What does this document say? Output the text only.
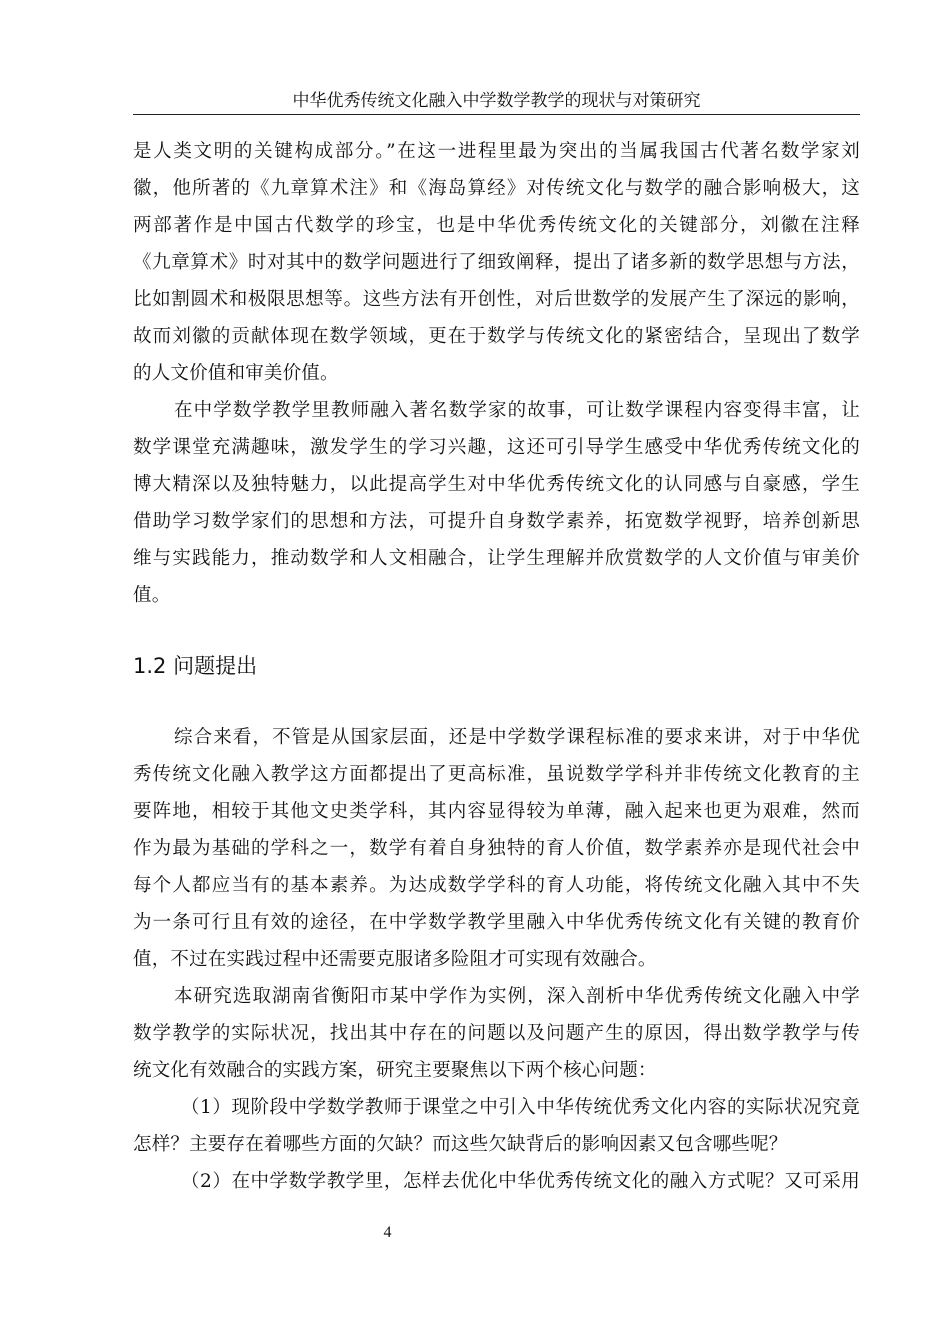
中华优秀传统文化融入中学数学教学的现状与对策研究
是人类文明的关键构成部分。”在这一进程里最为突出的当属我国古代著名数学家刘
徽，他所著的《九章算术注》和《海岛算经》对传统文化与数学的融合影响极大，这
两部著作是中国古代数学的珍宝，也是中华优秀传统文化的关键部分，刘徽在注释
《九章算术》时对其中的数学问题进行了细致阐释，提出了诸多新的数学思想与方法，
比如割圆术和极限思想等。这些方法有开创性，对后世数学的发展产生了深远的影响，
故而刘徽的贡献体现在数学领域，更在于数学与传统文化的紧密结合，呈现出了数学
的人文价值和审美价值。
在中学数学教学里教师融入著名数学家的故事，可让数学课程内容变得丰富，让
数学课堂充满趣味，激发学生的学习兴趣，这还可引导学生感受中华优秀传统文化的
博大精深以及独特魅力，以此提高学生对中华优秀传统文化的认同感与自豪感，学生
借助学习数学家们的思想和方法，可提升自身数学素养，拓宽数学视野，培养创新思
维与实践能力，推动数学和人文相融合，让学生理解并欣赏数学的人文价值与审美价
值。
1.2 问题提出
综合来看，不管是从国家层面，还是中学数学课程标准的要求来讲，对于中华优
秀传统文化融入教学这方面都提出了更高标准，虽说数学学科并非传统文化教育的主
要阵地，相较于其他文史类学科，其内容显得较为单薄，融入起来也更为艰难，然而
作为最为基础的学科之一，数学有着自身独特的育人价值，数学素养亦是现代社会中
每个人都应当有的基本素养。为达成数学学科的育人功能，将传统文化融入其中不失
为一条可行且有效的途径，在中学数学教学里融入中华优秀传统文化有关键的教育价
值，不过在实践过程中还需要克服诸多险阻才可实现有效融合。
本研究选取湖南省衡阳市某中学作为实例，深入剖析中华优秀传统文化融入中学
数学教学的实际状况，找出其中存在的问题以及问题产生的原因，得出数学教学与传
统文化有效融合的实践方案，研究主要聚焦以下两个核心问题：
（1）现阶段中学数学教师于课堂之中引入中华传统优秀文化内容的实际状况究竟
怎样？主要存在着哪些方面的欠缺？而这些欠缺背后的影响因素又包含哪些呢？
（2）在中学数学教学里，怎样去优化中华优秀传统文化的融入方式呢？又可采用
4
